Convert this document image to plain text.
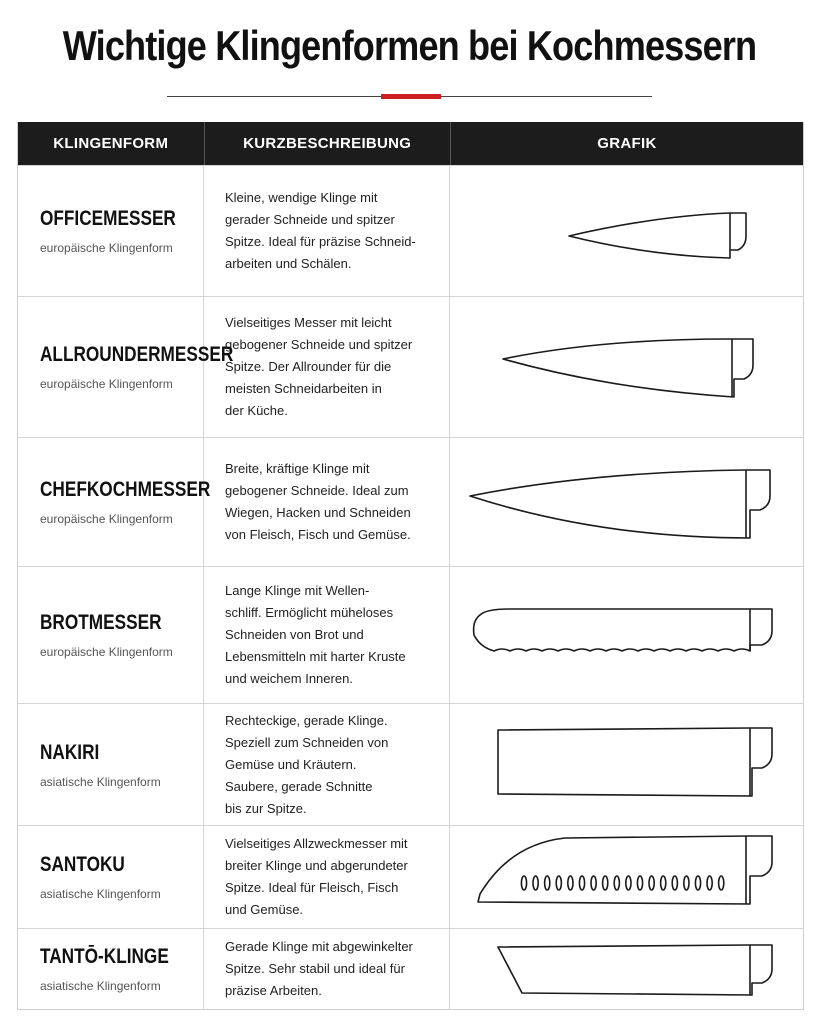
Wichtige Klingenformen bei Kochmessern
KLINGENFORM	KURZBESCHREIBUNG	GRAFIK
OFFICEMESSER
europäische Klingenform
Kleine, wendige Klinge mit
gerader Schneide und spitzer
Spitze. Ideal für präzise Schneid-
arbeiten und Schälen.
ALLROUNDERMESSER
europäische Klingenform
Vielseitiges Messer mit leicht
gebogener Schneide und spitzer
Spitze. Der Allrounder für die
meisten Schneidarbeiten in
der Küche.
CHEFKOCHMESSER
europäische Klingenform
Breite, kräftige Klinge mit
gebogener Schneide. Ideal zum
Wiegen, Hacken und Schneiden
von Fleisch, Fisch und Gemüse.
BROTMESSER
europäische Klingenform
Lange Klinge mit Wellen-
schliff. Ermöglicht müheloses
Schneiden von Brot und
Lebensmitteln mit harter Kruste
und weichem Inneren.
NAKIRI
asiatische Klingenform
Rechteckige, gerade Klinge.
Speziell zum Schneiden von
Gemüse und Kräutern.
Saubere, gerade Schnitte
bis zur Spitze.
SANTOKU
asiatische Klingenform
Vielseitiges Allzweckmesser mit
breiter Klinge und abgerundeter
Spitze. Ideal für Fleisch, Fisch
und Gemüse.
TANTŌ-KLINGE
asiatische Klingenform
Gerade Klinge mit abgewinkelter
Spitze. Sehr stabil und ideal für
präzise Arbeiten.
